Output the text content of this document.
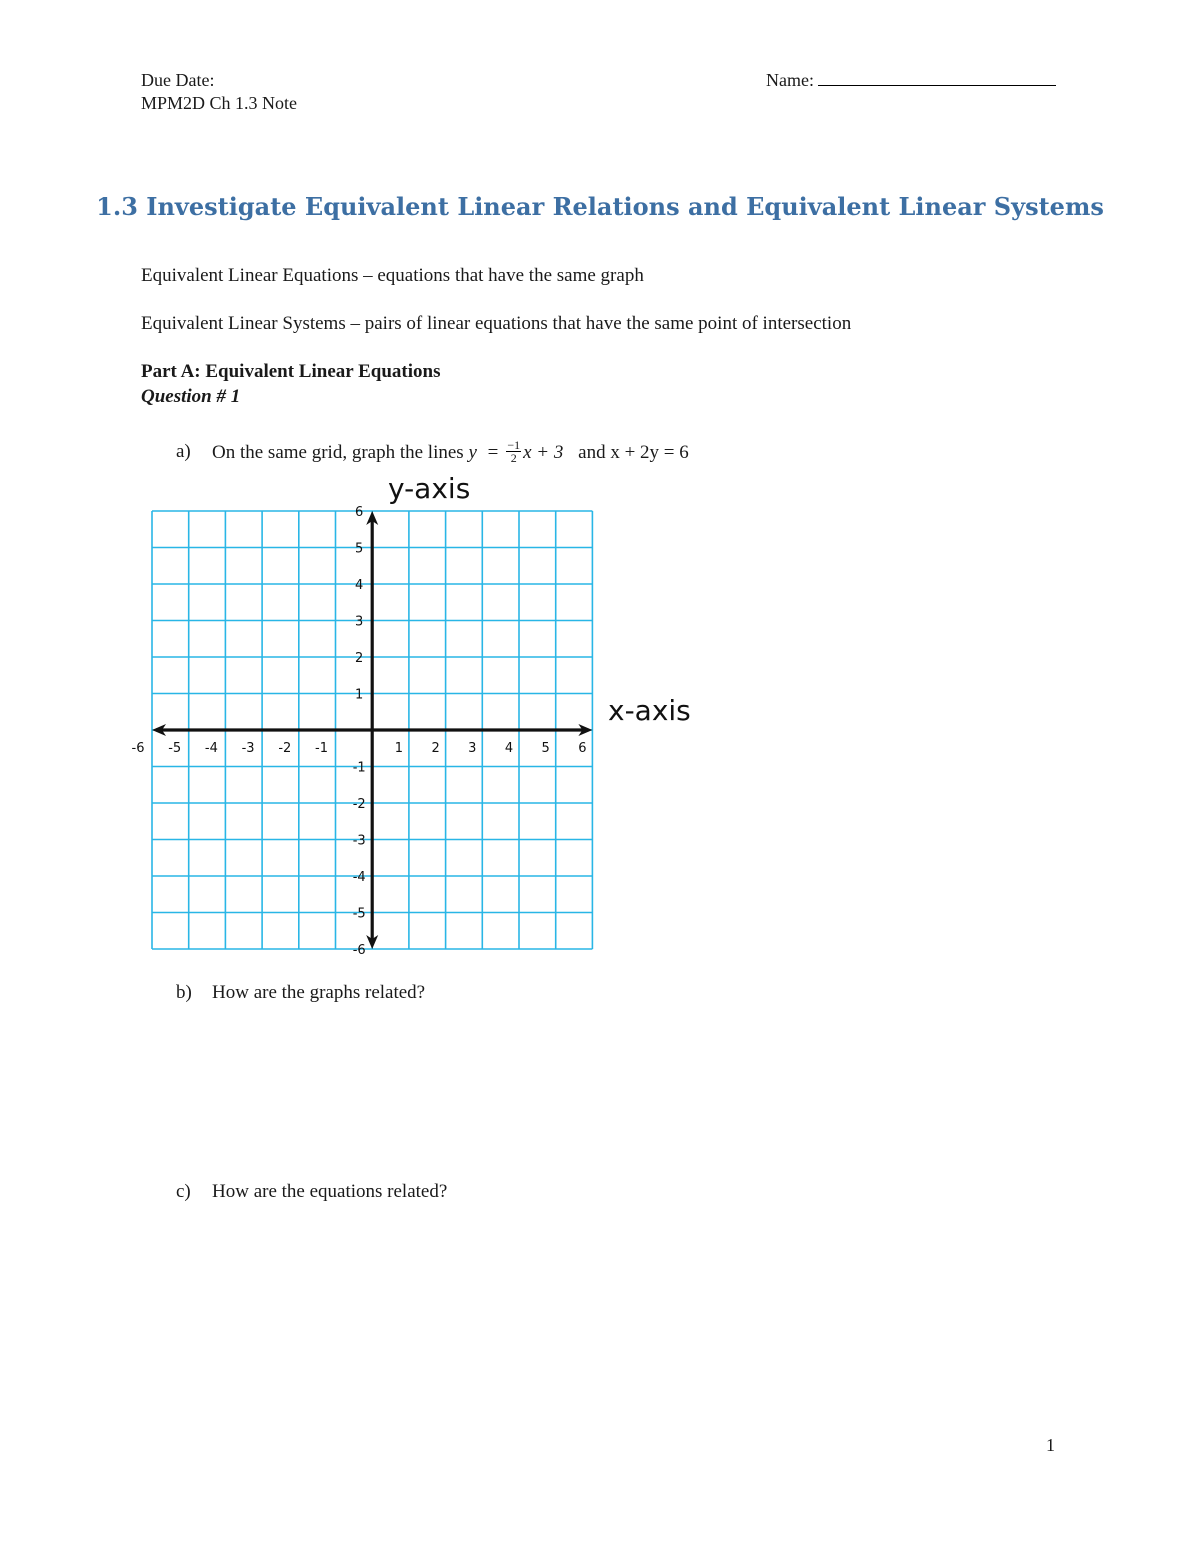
Due Date:
MPM2D Ch 1.3 Note
Name:
1.3 Investigate Equivalent Linear Relations and Equivalent Linear Systems
Equivalent Linear Equations – equations that have the same graph
Equivalent Linear Systems – pairs of linear equations that have the same point of intersection
Part A: Equivalent Linear Equations
Question # 1
a) On the same grid, graph the lines $y = \frac{-1}{2}$ x + 3 and x + 2y = 6
y-axis
x-axis
-6 -5 -4 -3 -2 -1	1 2 3 4 5 6
-6
-5
-4
-3
-2
-1
1
2
3
4
5
6
b) How are the graphs related?
c) How are the equations related?
1
